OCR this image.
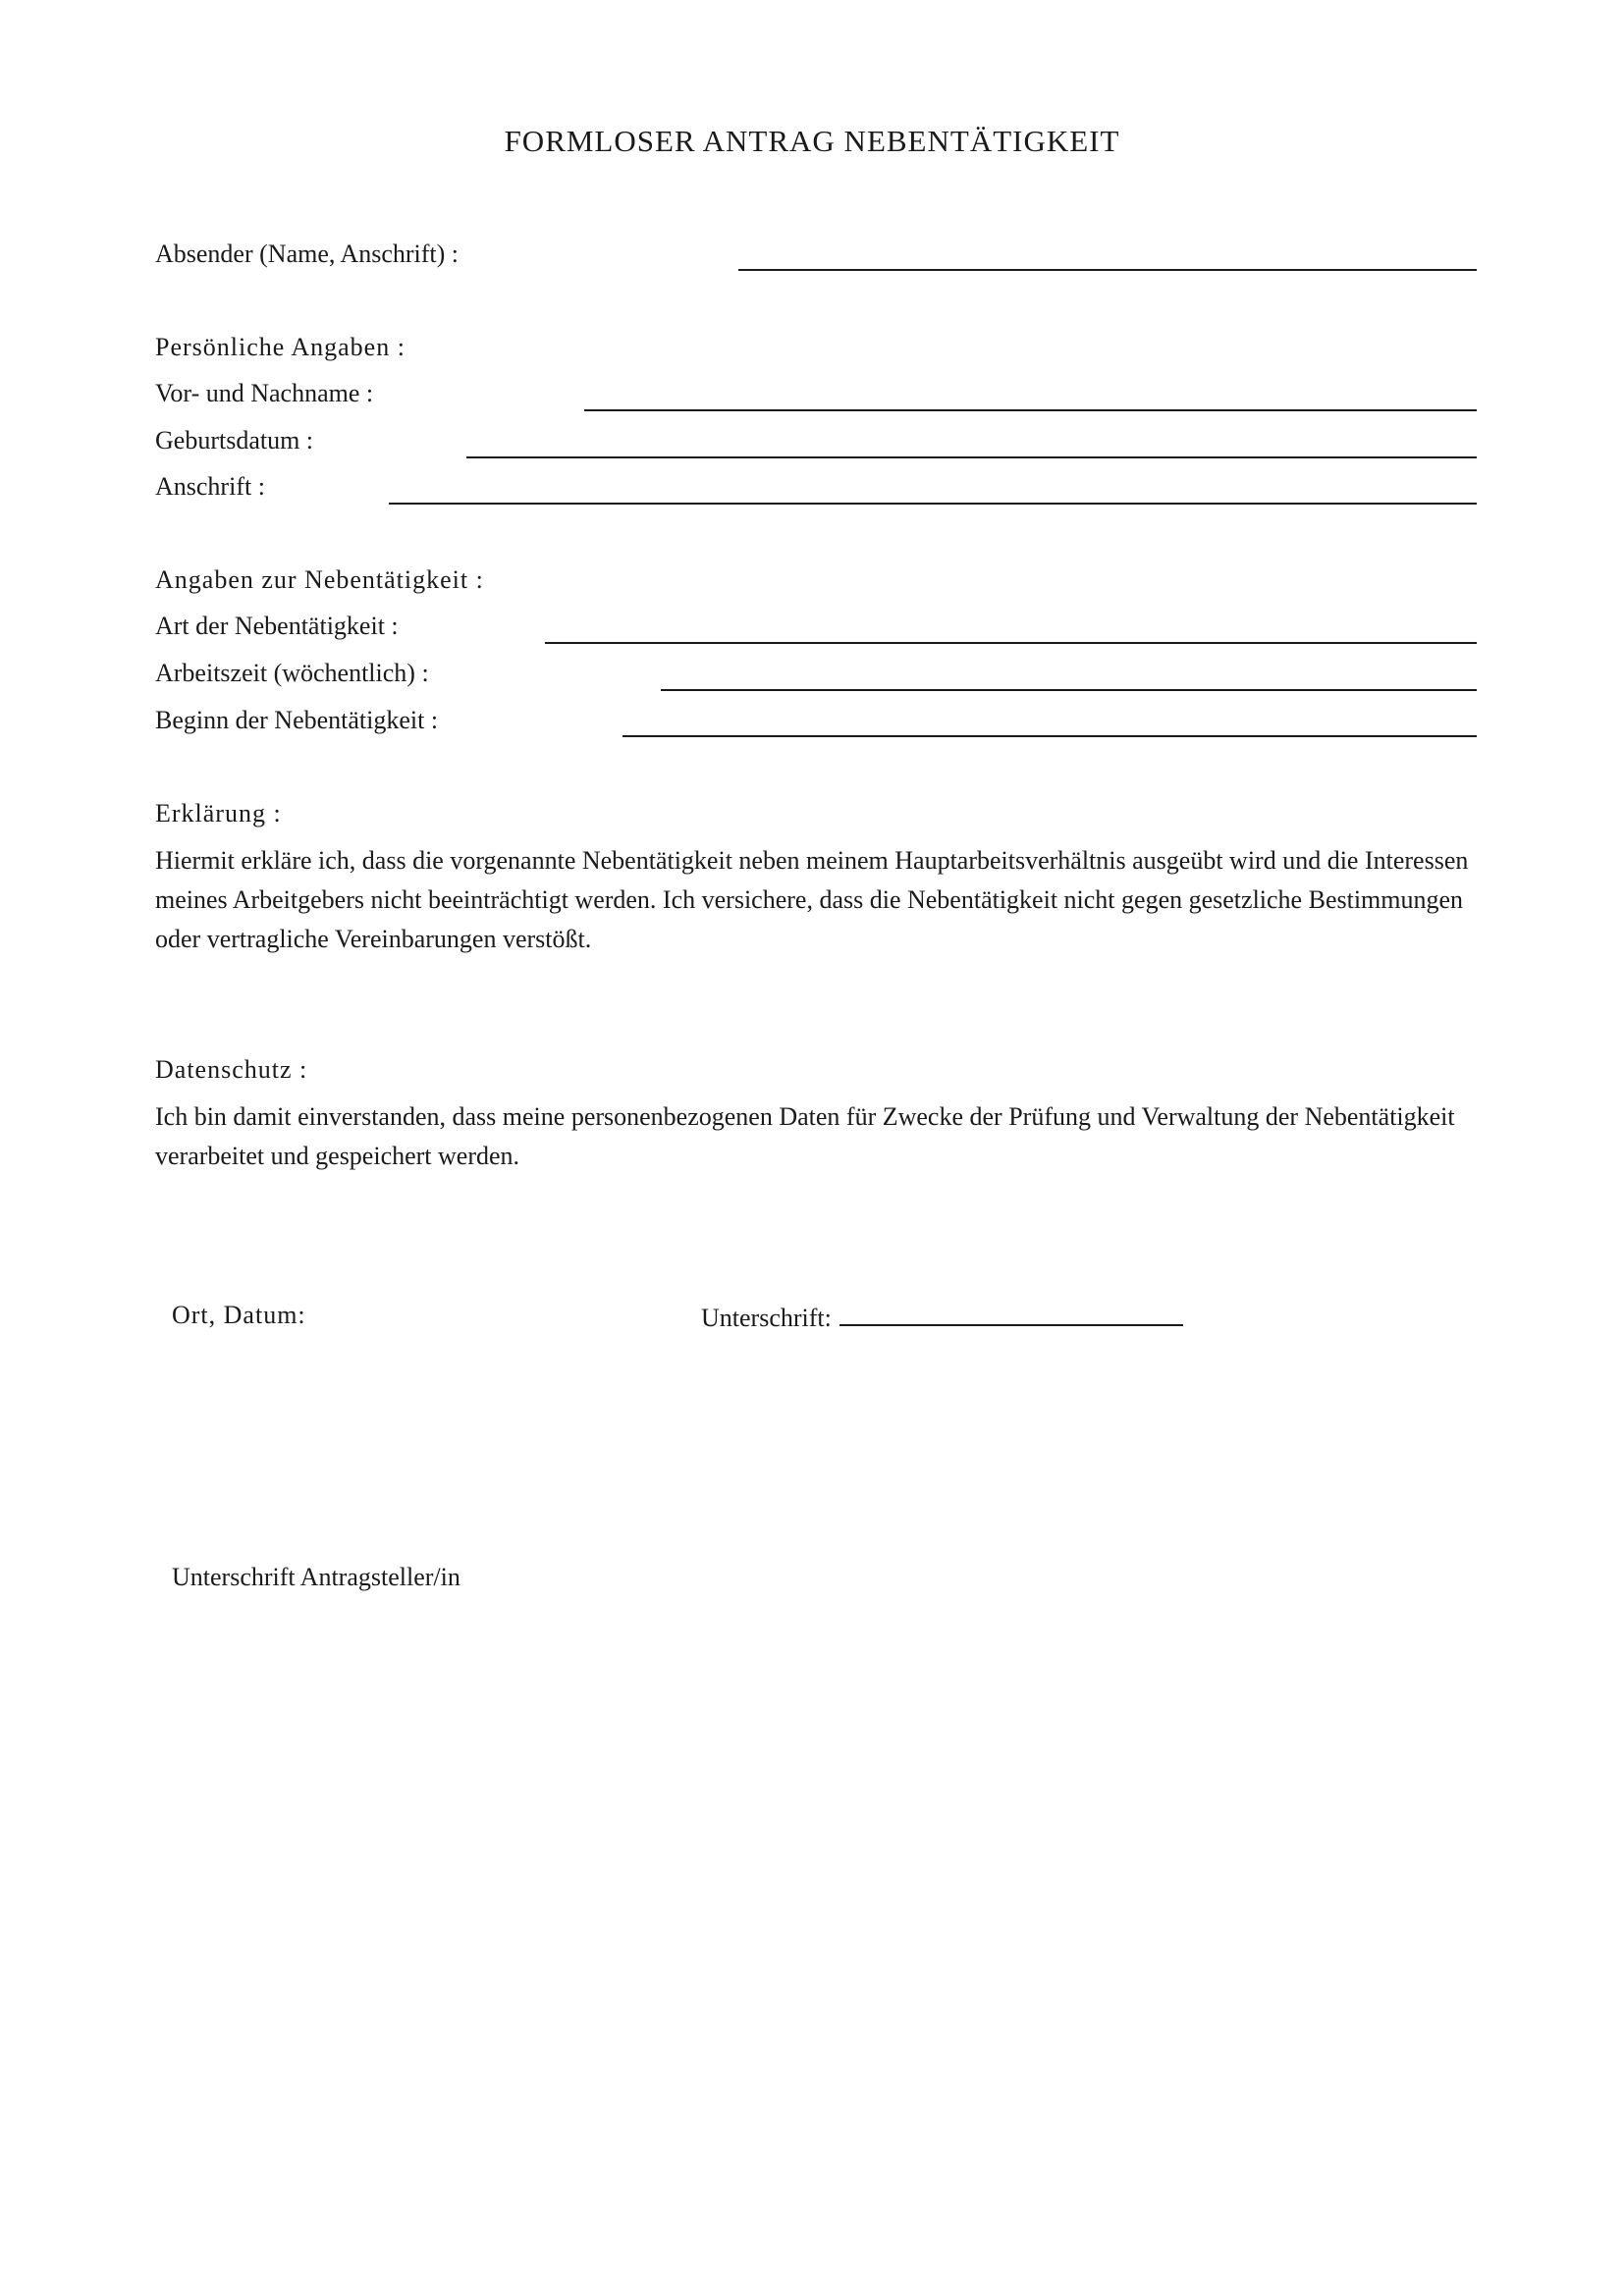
FORMLOSER ANTRAG NEBENTÄTIGKEIT
Absender (Name, Anschrift) :
Persönliche Angaben :
Vor- und Nachname :
Geburtsdatum :
Anschrift :
Angaben zur Nebentätigkeit :
Art der Nebentätigkeit :
Arbeitszeit (wöchentlich) :
Beginn der Nebentätigkeit :
Erklärung :

Hiermit erkläre ich, dass die vorgenannte Nebentätigkeit neben meinem Hauptarbeitsverhältnis ausgeübt wird und die Interessen meines Arbeitgebers nicht beeinträchtigt werden. Ich versichere, dass die Nebentätigkeit nicht gegen gesetzliche Bestimmungen oder vertragliche Vereinbarungen verstößt.

Datenschutz :

Ich bin damit einverstanden, dass meine personenbezogenen Daten für Zwecke der Prüfung und Verwaltung der Nebentätigkeit verarbeitet und gespeichert werden.

Ort, Datum:	Unterschrift:
Unterschrift Antragsteller/in
